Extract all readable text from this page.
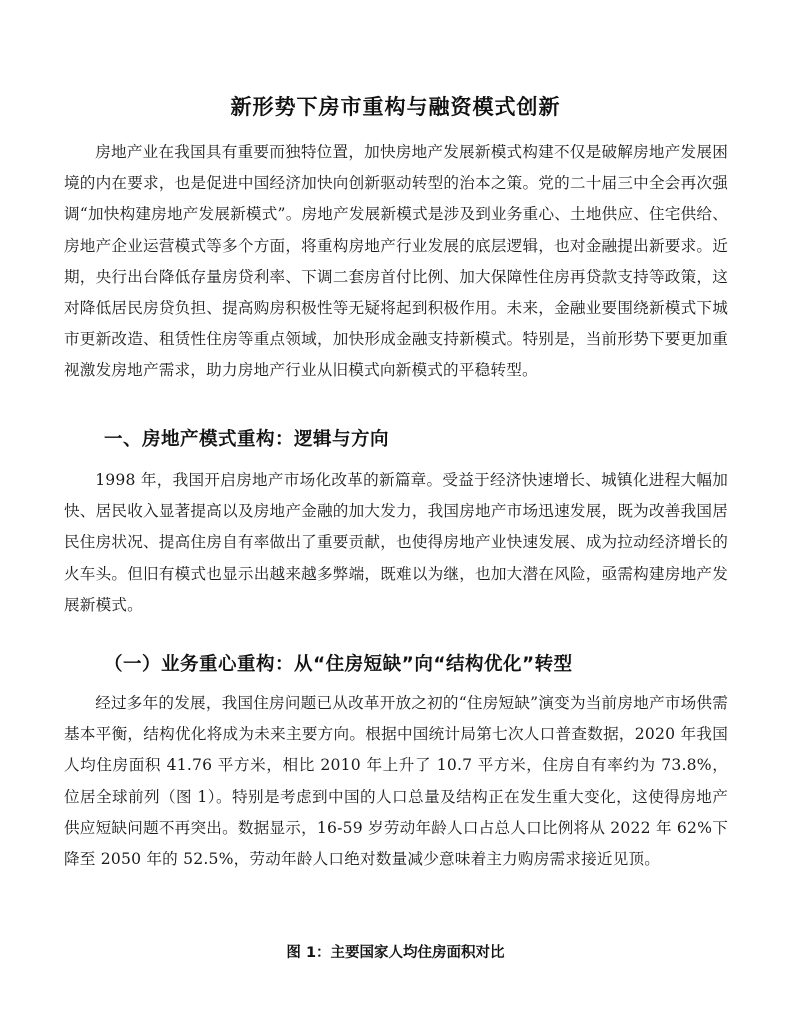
新形势下房市重构与融资模式创新
房地产业在我国具有重要而独特位置，加快房地产发展新模式构建不仅是破解房地产发展困境的内在要求，也是促进中国经济加快向创新驱动转型的治本之策。党的二十届三中全会再次强调“加快构建房地产发展新模式”。房地产发展新模式是涉及到业务重心、土地供应、住宅供给、房地产企业运营模式等多个方面，将重构房地产行业发展的底层逻辑，也对金融提出新要求。近期，央行出台降低存量房贷利率、下调二套房首付比例、加大保障性住房再贷款支持等政策，这对降低居民房贷负担、提高购房积极性等无疑将起到积极作用。未来，金融业要围绕新模式下城市更新改造、租赁性住房等重点领域，加快形成金融支持新模式。特别是，当前形势下要更加重视激发房地产需求，助力房地产行业从旧模式向新模式的平稳转型。
一、房地产模式重构：逻辑与方向
1998 年，我国开启房地产市场化改革的新篇章。受益于经济快速增长、城镇化进程大幅加快、居民收入显著提高以及房地产金融的加大发力，我国房地产市场迅速发展，既为改善我国居民住房状况、提高住房自有率做出了重要贡献，也使得房地产业快速发展、成为拉动经济增长的火车头。但旧有模式也显示出越来越多弊端，既难以为继，也加大潜在风险，亟需构建房地产发展新模式。
（一）业务重心重构：从“住房短缺”向“结构优化”转型
经过多年的发展，我国住房问题已从改革开放之初的“住房短缺”演变为当前房地产市场供需基本平衡，结构优化将成为未来主要方向。根据中国统计局第七次人口普查数据，2020 年我国人均住房面积 41.76 平方米，相比 2010 年上升了 10.7 平方米，住房自有率约为 73.8%，位居全球前列（图 1）。特别是考虑到中国的人口总量及结构正在发生重大变化，这使得房地产供应短缺问题不再突出。数据显示，16-59 岁劳动年龄人口占总人口比例将从 2022 年 62%下降至 2050 年的 52.5%，劳动年龄人口绝对数量减少意味着主力购房需求接近见顶。
图 1：主要国家人均住房面积对比
